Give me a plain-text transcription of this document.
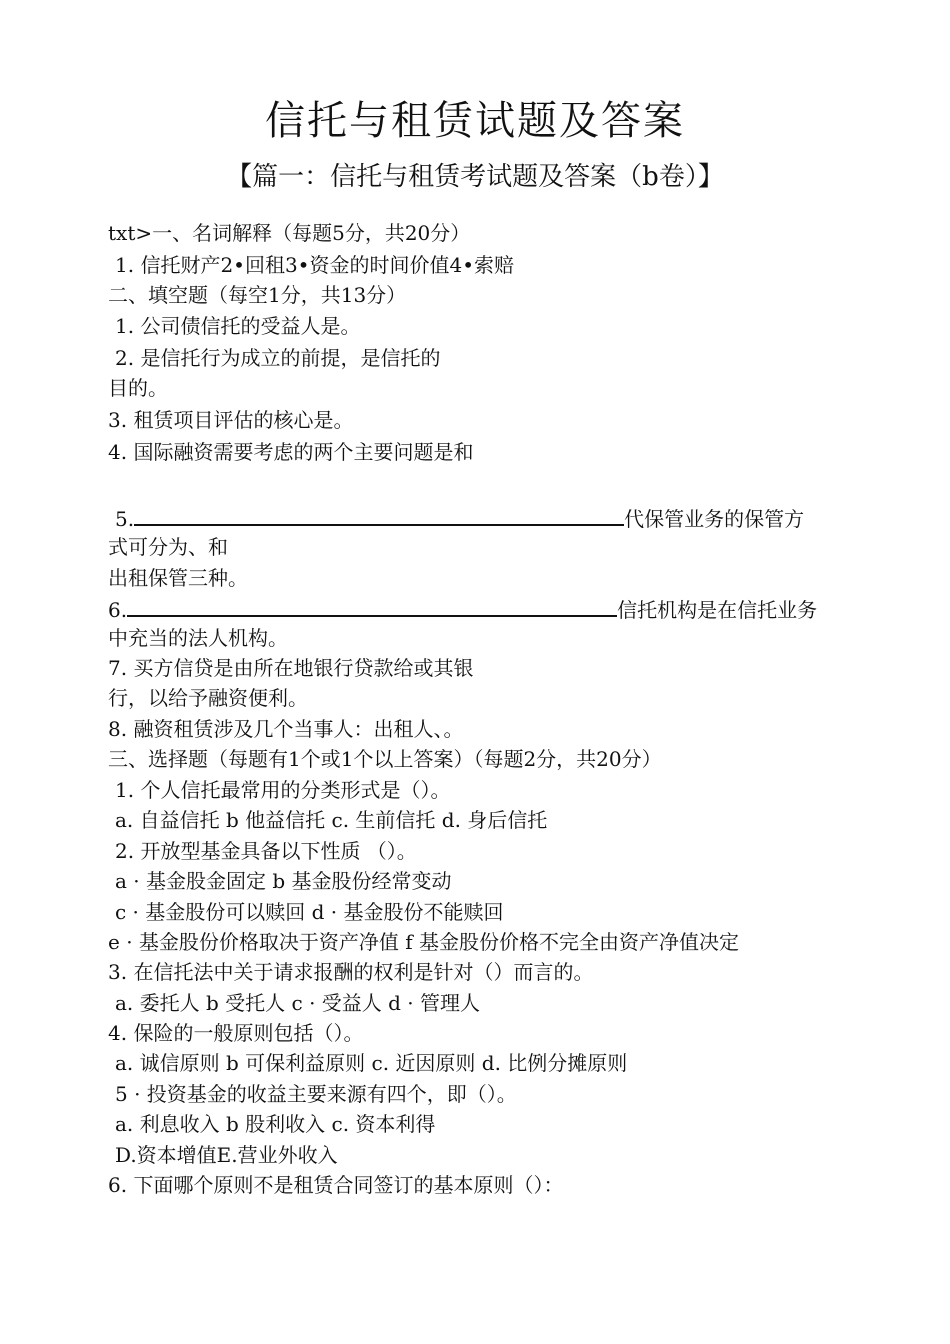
信托与租赁试题及答案
【篇一：信托与租赁考试题及答案（b卷）】
txt>一、名词解释（每题5分，共20分）
1. 信托财产2•回租3•资金的时间价值4•索赔
二、填空题（每空1分，共13分）
1. 公司债信托的受益人是。
2. 是信托行为成立的前提，是信托的
目的。
3. 租赁项目评估的核心是。
4. 国际融资需要考虑的两个主要问题是和
5.	代保管业务的保管方
式可分为、和
出租保管三种。
6.	信托机构是在信托业务
中充当的法人机构。
7. 买方信贷是由所在地银行贷款给或其银
行，以给予融资便利。
8. 融资租赁涉及几个当事人：出租人、。
三、选择题（每题有1个或1个以上答案）（每题2分，共20分）
1. 个人信托最常用的分类形式是（）。
a. 自益信托 b 他益信托 c. 生前信托 d. 身后信托
2. 开放型基金具备以下性质 （）。
a · 基金股金固定 b 基金股份经常变动
c · 基金股份可以赎回 d · 基金股份不能赎回
e · 基金股份价格取决于资产净值 f 基金股份价格不完全由资产净值决定
3. 在信托法中关于请求报酬的权利是针对（）而言的。
a. 委托人 b 受托人 c · 受益人 d · 管理人
4. 保险的一般原则包括（）。
a. 诚信原则 b 可保利益原则 c. 近因原则 d. 比例分摊原则
5 · 投资基金的收益主要来源有四个，即（）。
a. 利息收入 b 股利收入 c. 资本利得
D.资本增值E.营业外收入
6. 下面哪个原则不是租赁合同签订的基本原则（）：
